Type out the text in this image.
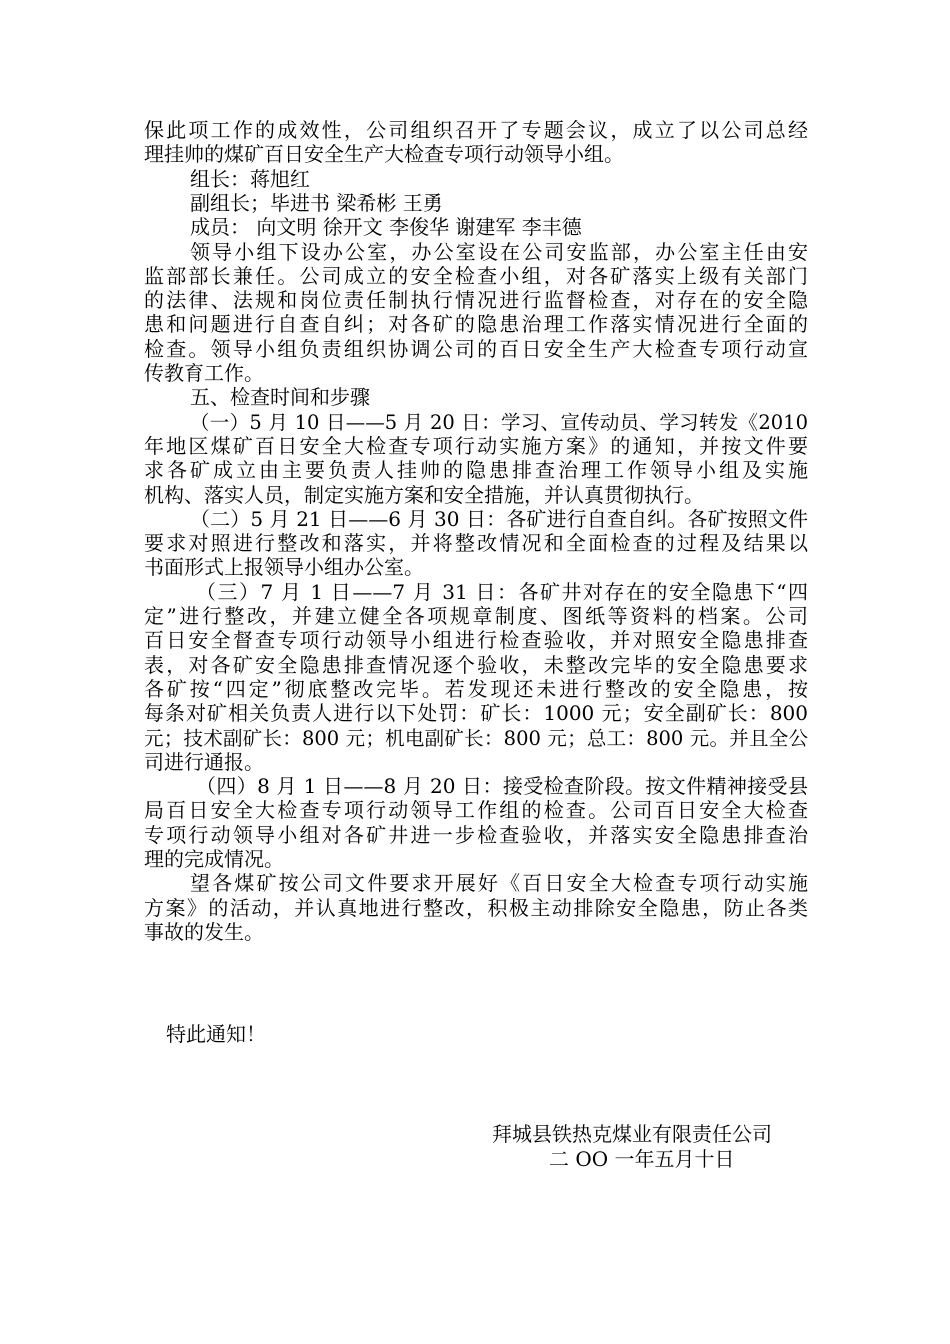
保此项工作的成效性，公司组织召开了专题会议，成立了以公司总经
理挂帅的煤矿百日安全生产大检查专项行动领导小组。
组长：蒋旭红
副组长；毕进书 梁希彬 王勇
成员： 向文明 徐开文 李俊华 谢建军 李丰德
领导小组下设办公室，办公室设在公司安监部，办公室主任由安
监部部长兼任。公司成立的安全检查小组，对各矿落实上级有关部门
的法律、法规和岗位责任制执行情况进行监督检查，对存在的安全隐
患和问题进行自查自纠；对各矿的隐患治理工作落实情况进行全面的
检查。领导小组负责组织协调公司的百日安全生产大检查专项行动宣
传教育工作。
五、检查时间和步骤
（一）5 月 10 日——5 月 20 日：学习、宣传动员、学习转发《2010
年地区煤矿百日安全大检查专项行动实施方案》的通知，并按文件要
求各矿成立由主要负责人挂帅的隐患排查治理工作领导小组及实施
机构、落实人员，制定实施方案和安全措施，并认真贯彻执行。
（二）5 月 21 日——6 月 30 日：各矿进行自查自纠。各矿按照文件
要求对照进行整改和落实，并将整改情况和全面检查的过程及结果以
书面形式上报领导小组办公室。
（三）7 月 1 日——7 月 31 日：各矿井对存在的安全隐患下“四
定”进行整改，并建立健全各项规章制度、图纸等资料的档案。公司
百日安全督查专项行动领导小组进行检查验收，并对照安全隐患排查
表，对各矿安全隐患排查情况逐个验收，未整改完毕的安全隐患要求
各矿按“四定”彻底整改完毕。若发现还未进行整改的安全隐患，按
每条对矿相关负责人进行以下处罚：矿长：1000 元；安全副矿长：800
元；技术副矿长：800 元；机电副矿长：800 元；总工：800 元。并且全公
司进行通报。
（四）8 月 1 日——8 月 20 日：接受检查阶段。按文件精神接受县
局百日安全大检查专项行动领导工作组的检查。公司百日安全大检查
专项行动领导小组对各矿井进一步检查验收，并落实安全隐患排查治
理的完成情况。
望各煤矿按公司文件要求开展好《百日安全大检查专项行动实施
方案》的活动，并认真地进行整改，积极主动排除安全隐患，防止各类
事故的发生。
特此通知！
拜城县铁热克煤业有限责任公司
二 OO 一年五月十日
